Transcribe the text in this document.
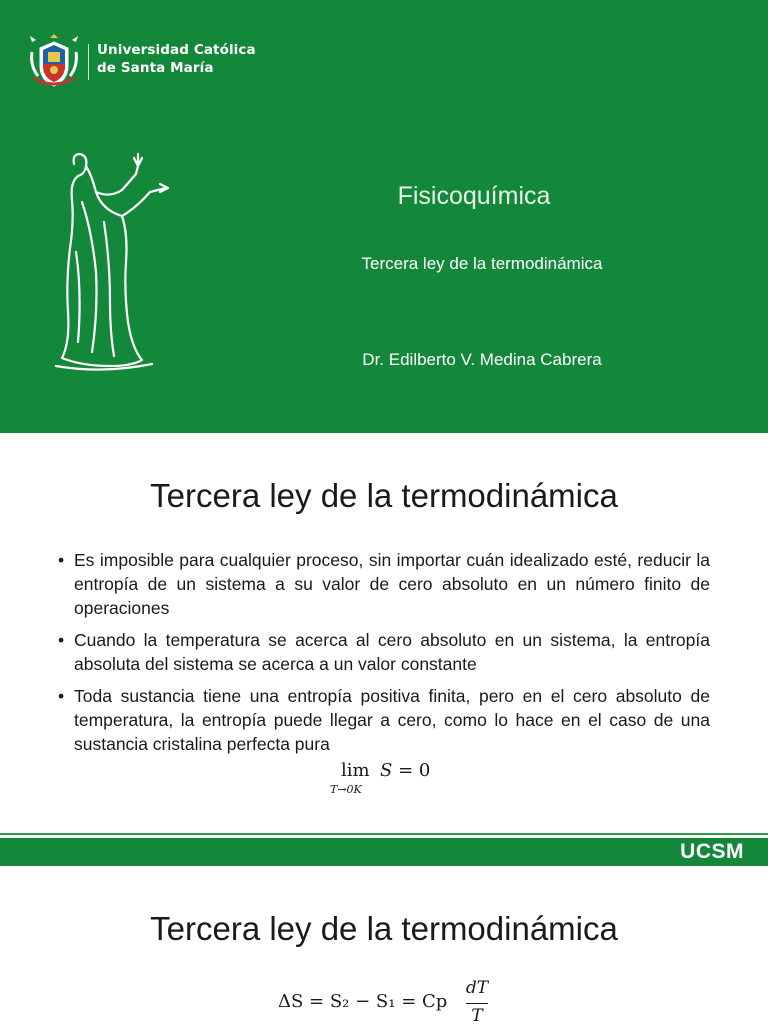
Universidad Católica
de Santa María
Fisicoquímica
Tercera ley de la termodinámica
Dr. Edilberto V. Medina Cabrera
Tercera ley de la termodinámica
• Es imposible para cualquier proceso, sin importar cuán idealizado esté, reducir la entropía de un sistema a su valor de cero absoluto en un número finito de operaciones
• Cuando la temperatura se acerca al cero absoluto en un sistema, la entropía absoluta del sistema se acerca a un valor constante
• Toda sustancia tiene una entropía positiva finita, pero en el cero absoluto de temperatura, la entropía puede llegar a cero, como lo hace en el caso de una sustancia cristalina perfecta pura
lim
T→0K
S = 0
UCSM
Tercera ley de la termodinámica
ΔS = S₂ − S₁ = Cp
dT
T
